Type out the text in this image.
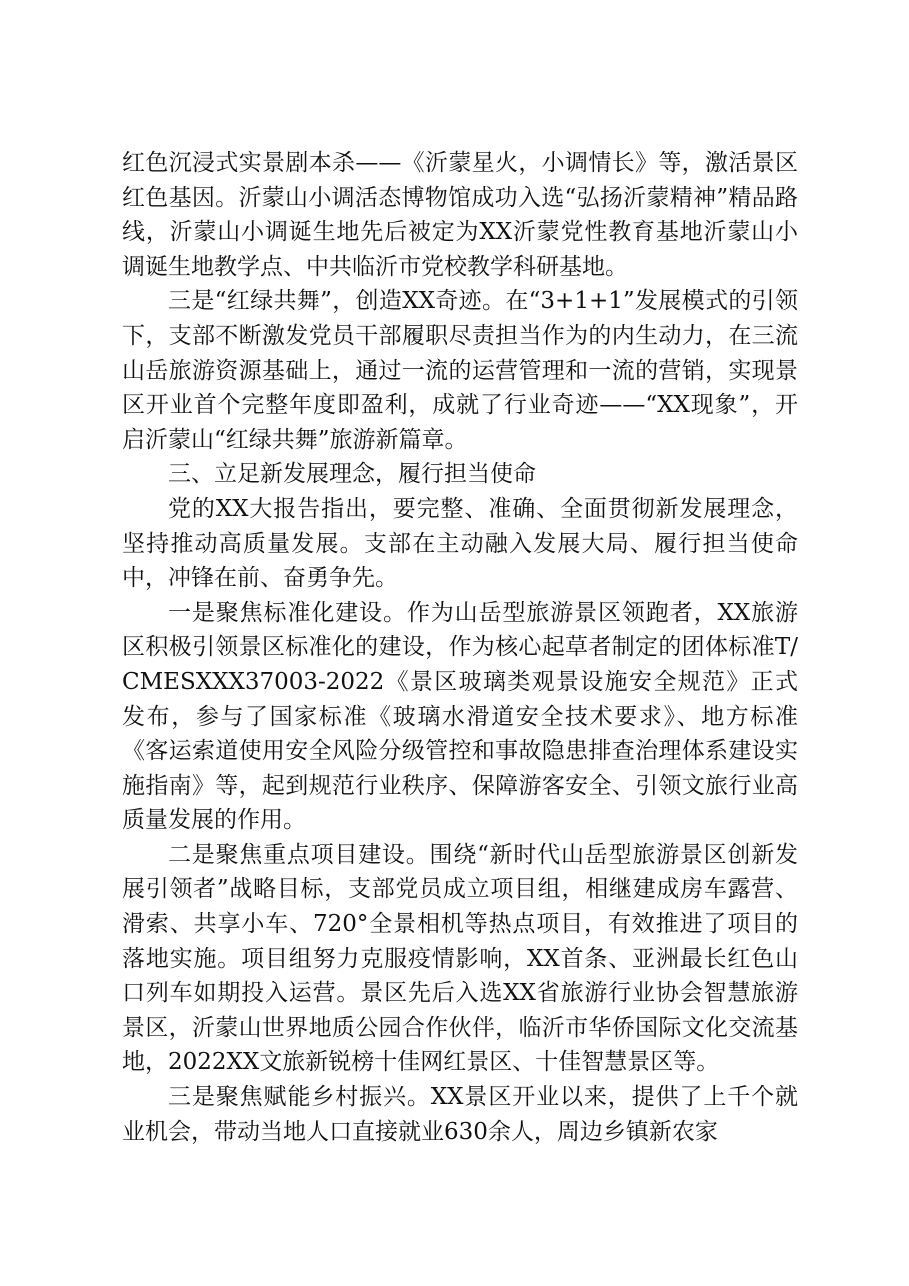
红色沉浸式实景剧本杀——《沂蒙星火，小调情长》等，激活景区红色基因。沂蒙山小调活态博物馆成功入选“弘扬沂蒙精神”精品路线，沂蒙山小调诞生地先后被定为XX沂蒙党性教育基地沂蒙山小调诞生地教学点、中共临沂市党校教学科研基地。

三是“红绿共舞”，创造XX奇迹。在“3+1+1”发展模式的引领下，支部不断激发党员干部履职尽责担当作为的内生动力，在三流山岳旅游资源基础上，通过一流的运营管理和一流的营销，实现景区开业首个完整年度即盈利，成就了行业奇迹——“XX现象”，开启沂蒙山“红绿共舞”旅游新篇章。

三、立足新发展理念，履行担当使命

党的XX大报告指出，要完整、准确、全面贯彻新发展理念，坚持推动高质量发展。支部在主动融入发展大局、履行担当使命中，冲锋在前、奋勇争先。

一是聚焦标准化建设。作为山岳型旅游景区领跑者，XX旅游区积极引领景区标准化的建设，作为核心起草者制定的团体标准T/CMESXXX37003-2022《景区玻璃类观景设施安全规范》正式发布，参与了国家标准《玻璃水滑道安全技术要求》、地方标准《客运索道使用安全风险分级管控和事故隐患排查治理体系建设实施指南》等，起到规范行业秩序、保障游客安全、引领文旅行业高质量发展的作用。

二是聚焦重点项目建设。围绕“新时代山岳型旅游景区创新发展引领者”战略目标，支部党员成立项目组，相继建成房车露营、滑索、共享小车、720°全景相机等热点项目，有效推进了项目的落地实施。项目组努力克服疫情影响，XX首条、亚洲最长红色山口列车如期投入运营。景区先后入选XX省旅游行业协会智慧旅游景区，沂蒙山世界地质公园合作伙伴，临沂市华侨国际文化交流基地，2022XX文旅新锐榜十佳网红景区、十佳智慧景区等。

三是聚焦赋能乡村振兴。XX景区开业以来，提供了上千个就业机会，带动当地人口直接就业630余人，周边乡镇新农家
